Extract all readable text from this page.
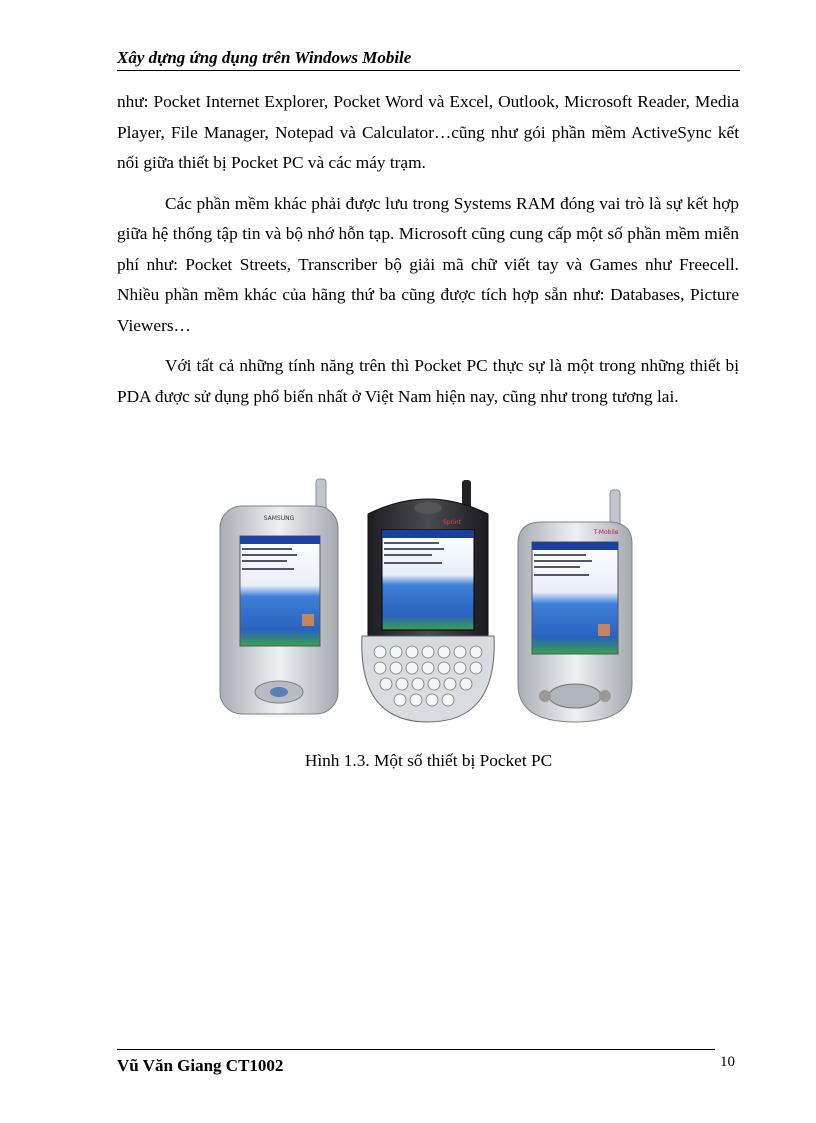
Xây dựng ứng dụng trên Windows Mobile

như: Pocket Internet Explorer, Pocket Word và Excel, Outlook, Microsoft Reader, Media Player, File Manager, Notepad và Calculator…cũng như gói phần mềm ActiveSync kết nối giữa thiết bị Pocket PC và các máy trạm.

Các phần mềm khác phải được lưu trong Systems RAM đóng vai trò là sự kết hợp giữa hệ thống tập tin và bộ nhớ hỗn tạp. Microsoft cũng cung cấp một số phần mềm miễn phí như: Pocket Streets, Transcriber bộ giải mã chữ viết tay và Games như Freecell. Nhiều phần mềm khác của hãng thứ ba cũng được tích hợp sẵn như: Databases, Picture Viewers…

Với tất cả những tính năng trên thì Pocket PC thực sự là một trong những thiết bị PDA được sử dụng phổ biến nhất ở Việt Nam hiện nay, cũng như trong tương lai.

SAMSUNG
Sprint
T-Mobile
Hình 1.3. Một số thiết bị Pocket PC
Vũ Văn Giang CT1002	10
